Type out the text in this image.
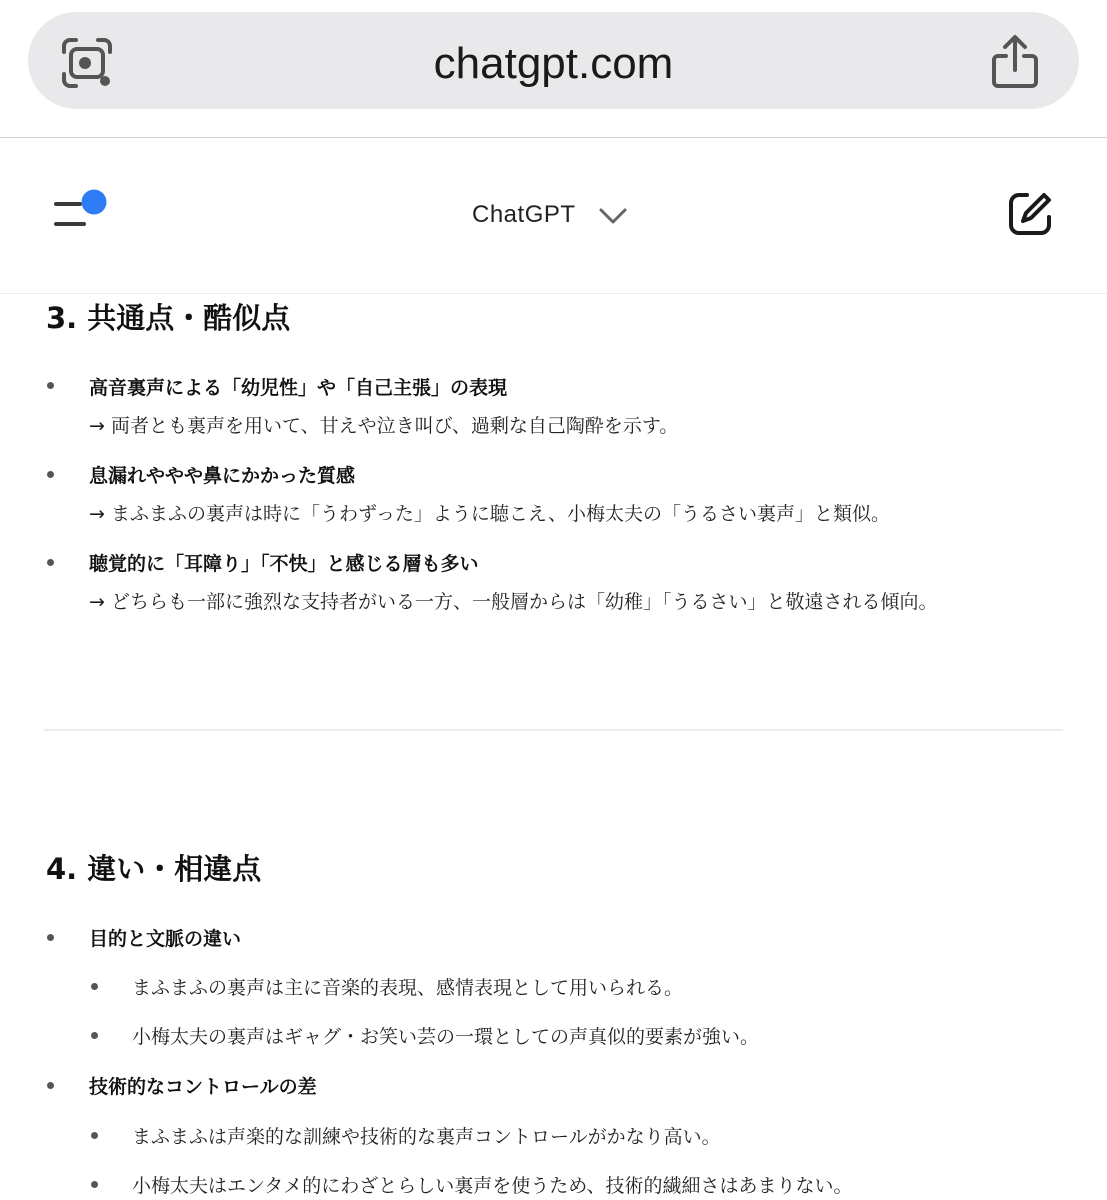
chatgpt.com
ChatGPT
3. 共通点・酷似点
高音裏声による「幼児性」や「自己主張」の表現
→ 両者とも裏声を用いて、甘えや泣き叫び、過剰な自己陶酔を示す。
息漏れややや鼻にかかった質感
→ まふまふの裏声は時に「うわずった」ように聴こえ、小梅太夫の「うるさい裏声」と類似。
聴覚的に「耳障り」「不快」と感じる層も多い
→ どちらも一部に強烈な支持者がいる一方、一般層からは「幼稚」「うるさい」と敬遠される傾向。
4. 違い・相違点
目的と文脈の違い
まふまふの裏声は主に音楽的表現、感情表現として用いられる。
小梅太夫の裏声はギャグ・お笑い芸の一環としての声真似的要素が強い。
技術的なコントロールの差
まふまふは声楽的な訓練や技術的な裏声コントロールがかなり高い。
小梅太夫はエンタメ的にわざとらしい裏声を使うため、技術的繊細さはあまりない。
